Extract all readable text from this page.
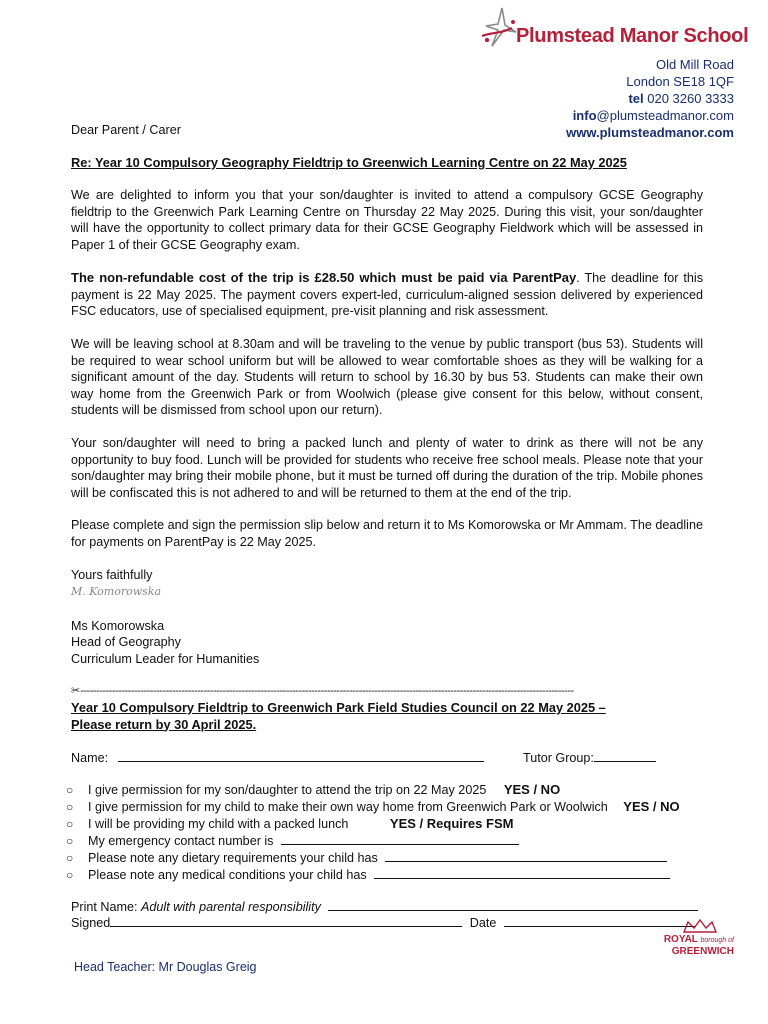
Plumstead Manor School
Old Mill Road
London SE18 1QF
tel 020 3260 3333
info@plumsteadmanor.com
www.plumsteadmanor.com
Dear Parent / Carer
Re: Year 10 Compulsory Geography Fieldtrip to Greenwich Learning Centre on 22 May 2025
We are delighted to inform you that your son/daughter is invited to attend a compulsory GCSE Geography fieldtrip to the Greenwich Park Learning Centre on Thursday 22 May 2025. During this visit, your son/daughter will have the opportunity to collect primary data for their GCSE Geography Fieldwork which will be assessed in Paper 1 of their GCSE Geography exam.
The non-refundable cost of the trip is £28.50 which must be paid via ParentPay. The deadline for this payment is 22 May 2025. The payment covers expert-led, curriculum-aligned session delivered by experienced FSC educators, use of specialised equipment, pre-visit planning and risk assessment.
We will be leaving school at 8.30am and will be traveling to the venue by public transport (bus 53). Students will be required to wear school uniform but will be allowed to wear comfortable shoes as they will be walking for a significant amount of the day. Students will return to school by 16.30 by bus 53. Students can make their own way home from the Greenwich Park or from Woolwich (please give consent for this below, without consent, students will be dismissed from school upon our return).
Your son/daughter will need to bring a packed lunch and plenty of water to drink as there will not be any opportunity to buy food. Lunch will be provided for students who receive free school meals. Please note that your son/daughter may bring their mobile phone, but it must be turned off during the duration of the trip. Mobile phones will be confiscated this is not adhered to and will be returned to them at the end of the trip.
Please complete and sign the permission slip below and return it to Ms Komorowska or Mr Ammam. The deadline for payments on ParentPay is 22 May 2025.
Yours faithfully
M. Komorowska
Ms Komorowska
Head of Geography
Curriculum Leader for Humanities
✂------------------------------------------------------------------------------------------------------------------------------------------------------------
Year 10 Compulsory Fieldtrip to Greenwich Park Field Studies Council on 22 May 2025 –
Please return by 30 April 2025.
Name:	Tutor Group:
○ I give permission for my son/daughter to attend the trip on 22 May 2025 YES / NO
○ I give permission for my child to make their own way home from Greenwich Park or Woolwich YES / NO
○ I will be providing my child with a packed lunch	YES / Requires FSM
○ My emergency contact number is
○ Please note any dietary requirements your child has
○ Please note any medical conditions your child has
Print Name: Adult with parental responsibility
Signed	Date
Head Teacher: Mr Douglas Greig
ROYAL borough of
GREENWICH
